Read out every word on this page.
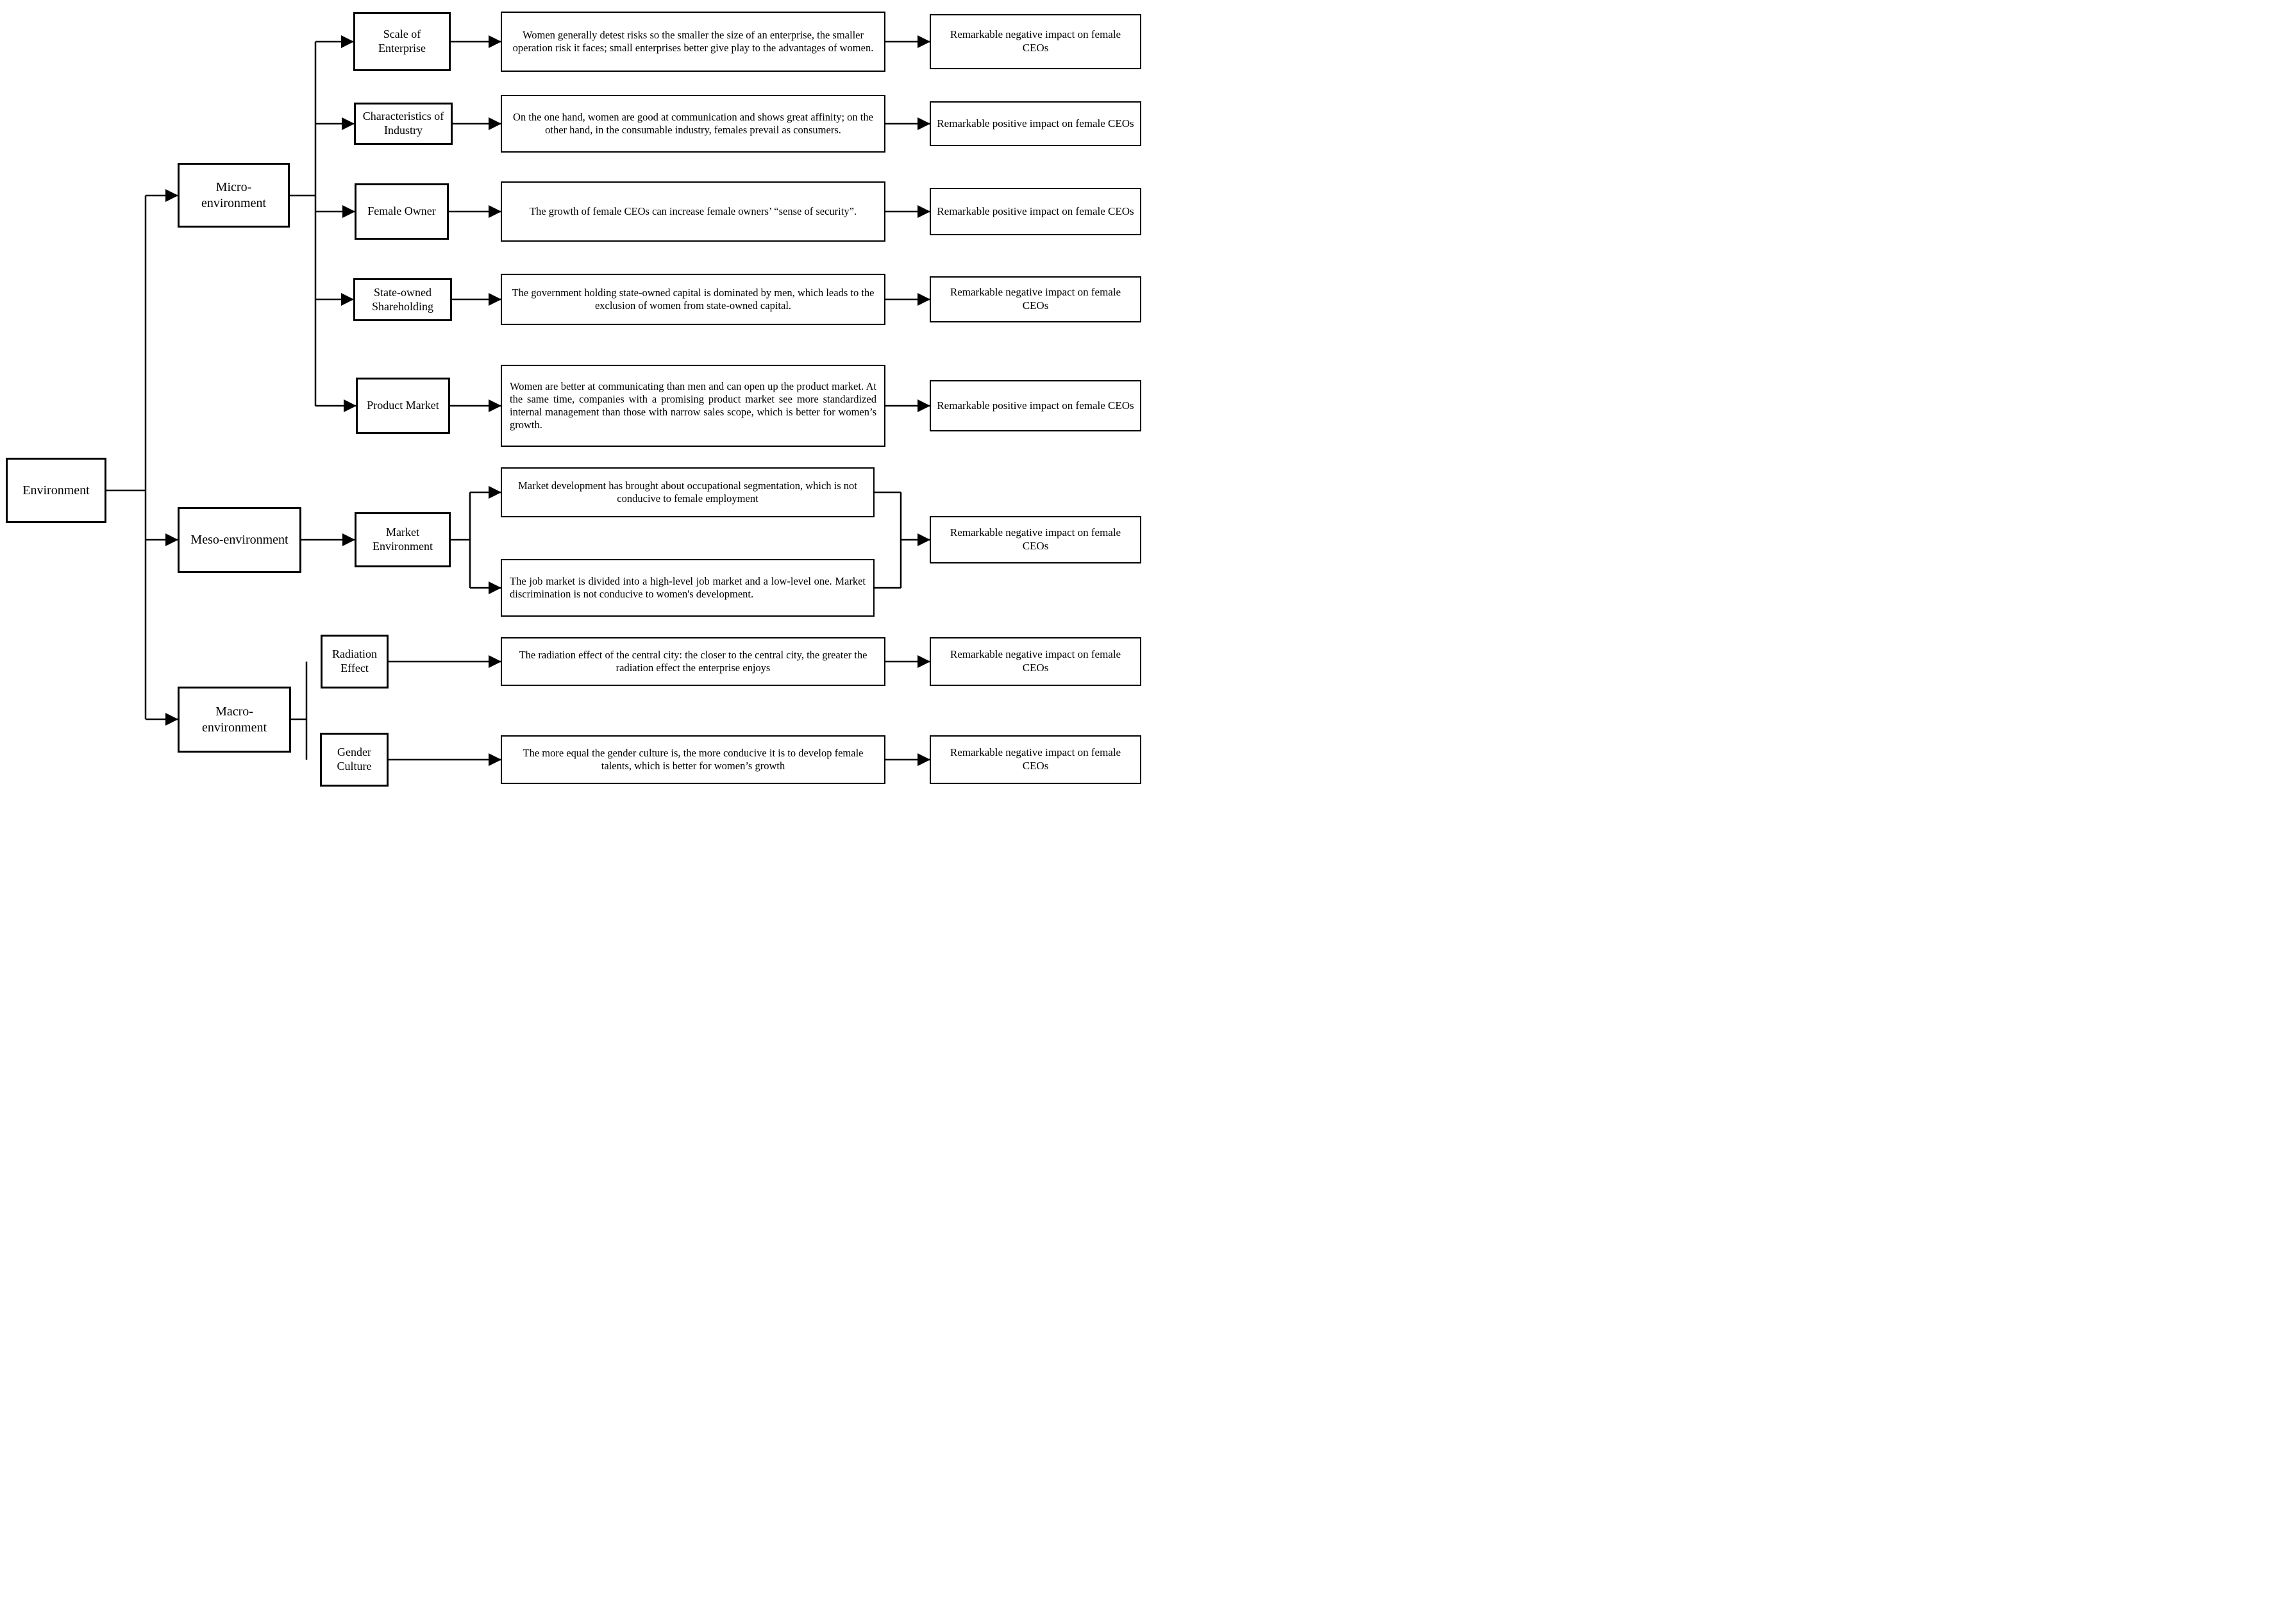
Environment
Micro-environment
Meso-environment
Macro-environment
Scale of Enterprise
Characteristics of Industry
Female Owner
State-owned Shareholding
Product Market
Women generally detest risks so the smaller the size of an enterprise, the smaller operation risk it faces; small enterprises better give play to the advantages of women.
On the one hand, women are good at communication and shows great affinity; on the other hand, in the consumable industry, females prevail as consumers.
The growth of female CEOs can increase female owners’ “sense of security”.
The government holding state-owned capital is dominated by men, which leads to the exclusion of women from state-owned capital.
Women are better at communicating than men and can open up the product market. At the same time, companies with a promising product market see more standardized internal management than those with narrow sales scope, which is better for women’s growth.
Remarkable negative impact on female CEOs
Remarkable positive impact on female CEOs
Remarkable positive impact on female CEOs
Remarkable negative impact on female CEOs
Remarkable positive impact on female CEOs
Market Environment
Market development has brought about occupational segmentation, which is not conducive to female employment
The job market is divided into a high-level job market and a low-level one. Market discrimination is not conducive to women's development.
Remarkable negative impact on female CEOs
Radiation Effect
The radiation effect of the central city: the closer to the central city, the greater the radiation effect the enterprise enjoys
Remarkable negative impact on female CEOs
Gender Culture
The more equal the gender culture is, the more conducive it is to develop female talents, which is better for women’s growth
Remarkable negative impact on female CEOs
